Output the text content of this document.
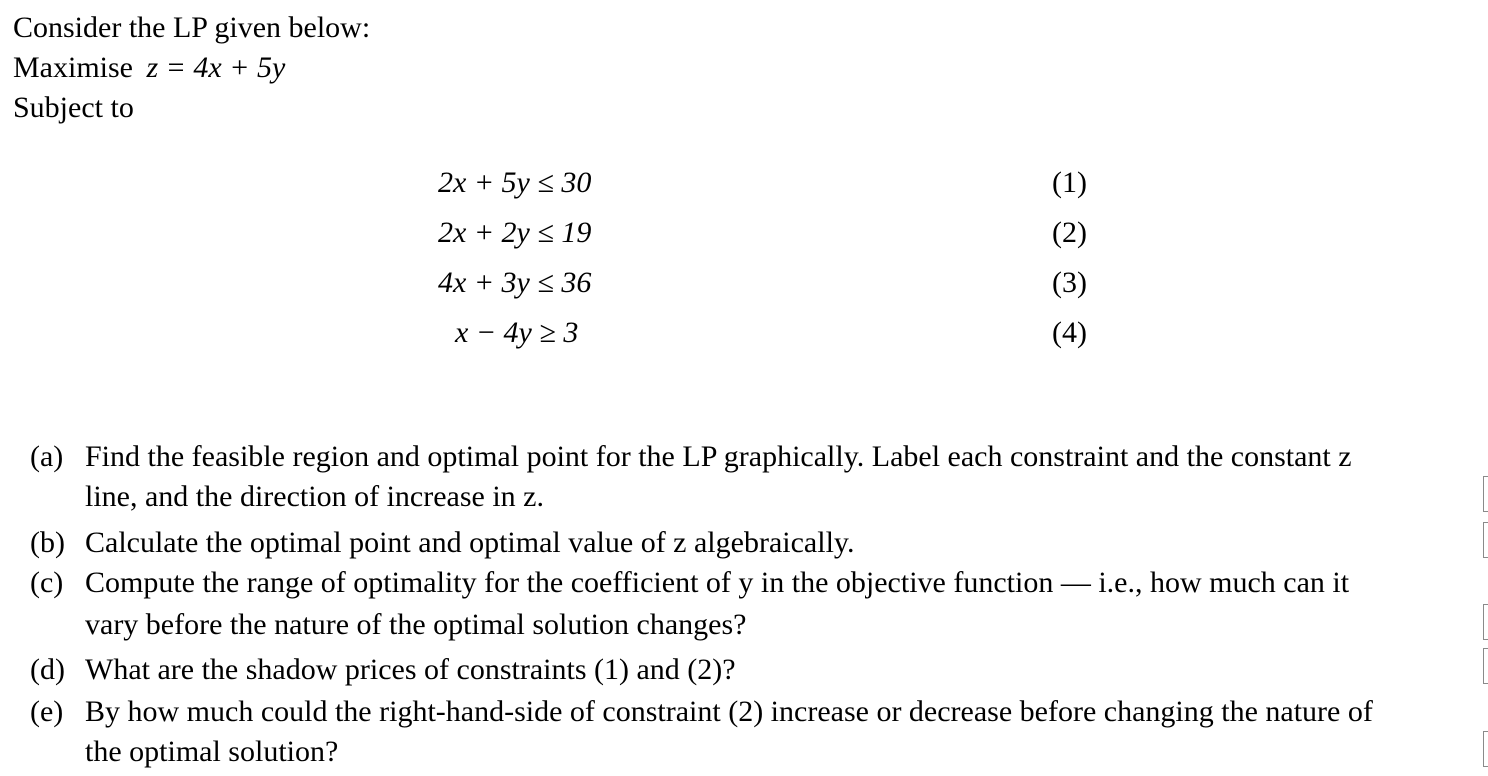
Consider the LP given below:
Maximise z = 4x + 5y
Subject to
2x + 5y ≤ 30	(1)
2x + 2y ≤ 19	(2)
4x + 3y ≤ 36	(3)
x − 4y ≥ 3	(4)
(a) Find the feasible region and optimal point for the LP graphically. Label each constraint and the constant z
line, and the direction of increase in z.
(b) Calculate the optimal point and optimal value of z algebraically.
(c) Compute the range of optimality for the coefficient of y in the objective function — i.e., how much can it
vary before the nature of the optimal solution changes?
(d) What are the shadow prices of constraints (1) and (2)?
(e) By how much could the right-hand-side of constraint (2) increase or decrease before changing the nature of
the optimal solution?
